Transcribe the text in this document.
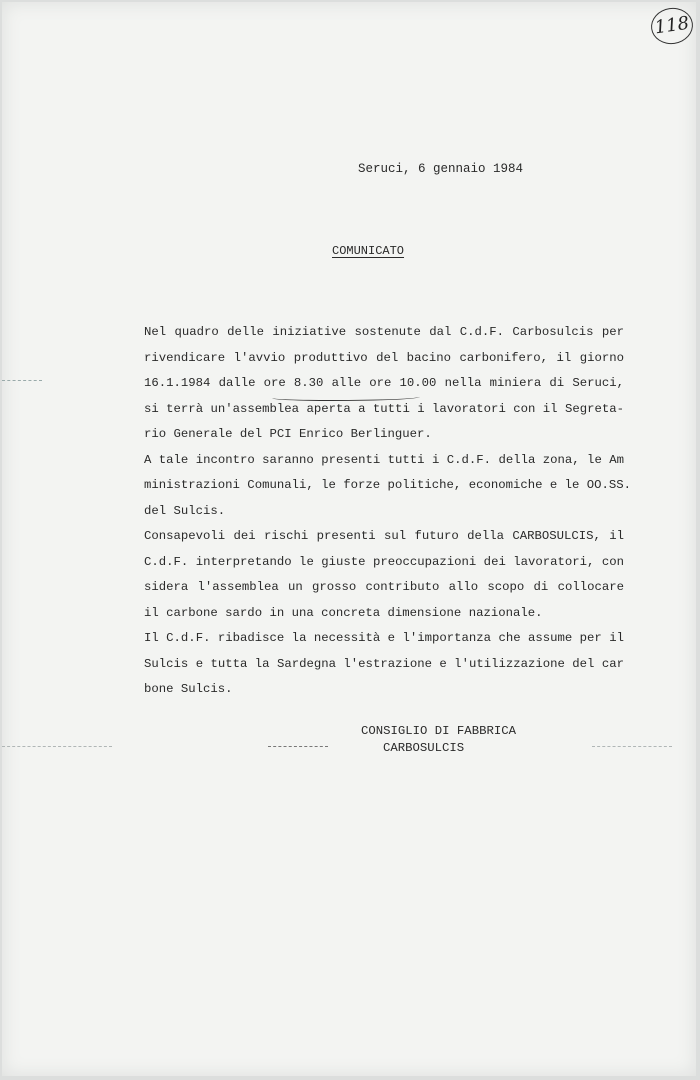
118
Seruci, 6 gennaio 1984
COMUNICATO
Nel quadro delle iniziative sostenute dal C.d.F. Carbosulcis per
rivendicare l'avvio produttivo del bacino carbonifero, il giorno
16.1.1984 dalle ore 8.30 alle ore 10.00 nella miniera di Seruci,
si terrà un'assemblea aperta a tutti i lavoratori con il Segreta-
rio Generale del PCI Enrico Berlinguer.
A tale incontro saranno presenti tutti i C.d.F. della zona, le Am
ministrazioni Comunali, le forze politiche, economiche e le OO.SS.
del Sulcis.
Consapevoli dei rischi presenti sul futuro della CARBOSULCIS, il
C.d.F. interpretando le giuste preoccupazioni dei lavoratori, con
sidera l'assemblea un grosso contributo allo scopo di collocare
il carbone sardo in una concreta dimensione nazionale.
Il C.d.F. ribadisce la necessità e l'importanza che assume per il
Sulcis e tutta la Sardegna l'estrazione e l'utilizzazione del car
bone Sulcis.
CONSIGLIO DI FABBRICA
CARBOSULCIS
